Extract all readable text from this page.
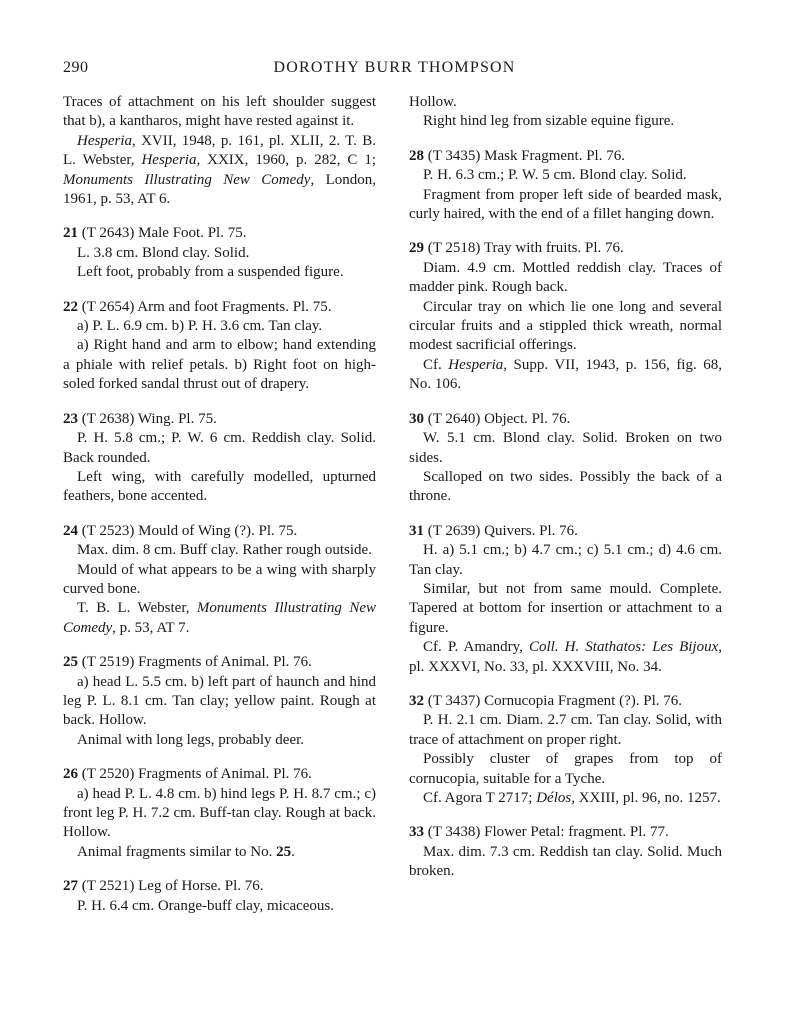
290	DOROTHY BURR THOMPSON

Traces of attachment on his left shoulder suggest that b), a kantharos, might have rested against it.

Hesperia, XVII, 1948, p. 161, pl. XLII, 2. T. B. L. Webster, Hesperia, XXIX, 1960, p. 282, C 1; Monuments Illustrating New Comedy, London, 1961, p. 53, AT 6.

21 (T 2643) Male Foot. Pl. 75.

L. 3.8 cm. Blond clay. Solid.

Left foot, probably from a suspended figure.

22 (T 2654) Arm and foot Fragments. Pl. 75.

a) P. L. 6.9 cm. b) P. H. 3.6 cm. Tan clay.

a) Right hand and arm to elbow; hand extending a phiale with relief petals. b) Right foot on high-soled forked sandal thrust out of drapery.

23 (T 2638) Wing. Pl. 75.

P. H. 5.8 cm.; P. W. 6 cm. Reddish clay. Solid. Back rounded.

Left wing, with carefully modelled, upturned feathers, bone accented.

24 (T 2523) Mould of Wing (?). Pl. 75.

Max. dim. 8 cm. Buff clay. Rather rough outside.

Mould of what appears to be a wing with sharply curved bone.

T. B. L. Webster, Monuments Illustrating New Comedy, p. 53, AT 7.

25 (T 2519) Fragments of Animal. Pl. 76.

a) head L. 5.5 cm. b) left part of haunch and hind leg P. L. 8.1 cm. Tan clay; yellow paint. Rough at back. Hollow.

Animal with long legs, probably deer.

26 (T 2520) Fragments of Animal. Pl. 76.

a) head P. L. 4.8 cm. b) hind legs P. H. 8.7 cm.; c) front leg P. H. 7.2 cm. Buff-tan clay. Rough at back. Hollow.

Animal fragments similar to No. 25.

27 (T 2521) Leg of Horse. Pl. 76.

P. H. 6.4 cm. Orange-buff clay, micaceous.

Hollow.

Right hind leg from sizable equine figure.

28 (T 3435) Mask Fragment. Pl. 76.

P. H. 6.3 cm.; P. W. 5 cm. Blond clay. Solid.

Fragment from proper left side of bearded mask, curly haired, with the end of a fillet hanging down.

29 (T 2518) Tray with fruits. Pl. 76.

Diam. 4.9 cm. Mottled reddish clay. Traces of madder pink. Rough back.

Circular tray on which lie one long and several circular fruits and a stippled thick wreath, normal modest sacrificial offerings.

Cf. Hesperia, Supp. VII, 1943, p. 156, fig. 68, No. 106.

30 (T 2640) Object. Pl. 76.

W. 5.1 cm. Blond clay. Solid. Broken on two sides.

Scalloped on two sides. Possibly the back of a throne.

31 (T 2639) Quivers. Pl. 76.

H. a) 5.1 cm.; b) 4.7 cm.; c) 5.1 cm.; d) 4.6 cm. Tan clay.

Similar, but not from same mould. Complete. Tapered at bottom for insertion or attachment to a figure.

Cf. P. Amandry, Coll. H. Stathatos: Les Bijoux, pl. XXXVI, No. 33, pl. XXXVIII, No. 34.

32 (T 3437) Cornucopia Fragment (?). Pl. 76.

P. H. 2.1 cm. Diam. 2.7 cm. Tan clay. Solid, with trace of attachment on proper right.

Possibly cluster of grapes from top of cornucopia, suitable for a Tyche.

Cf. Agora T 2717; Délos, XXIII, pl. 96, no. 1257.

33 (T 3438) Flower Petal: fragment. Pl. 77.

Max. dim. 7.3 cm. Reddish tan clay. Solid. Much broken.
